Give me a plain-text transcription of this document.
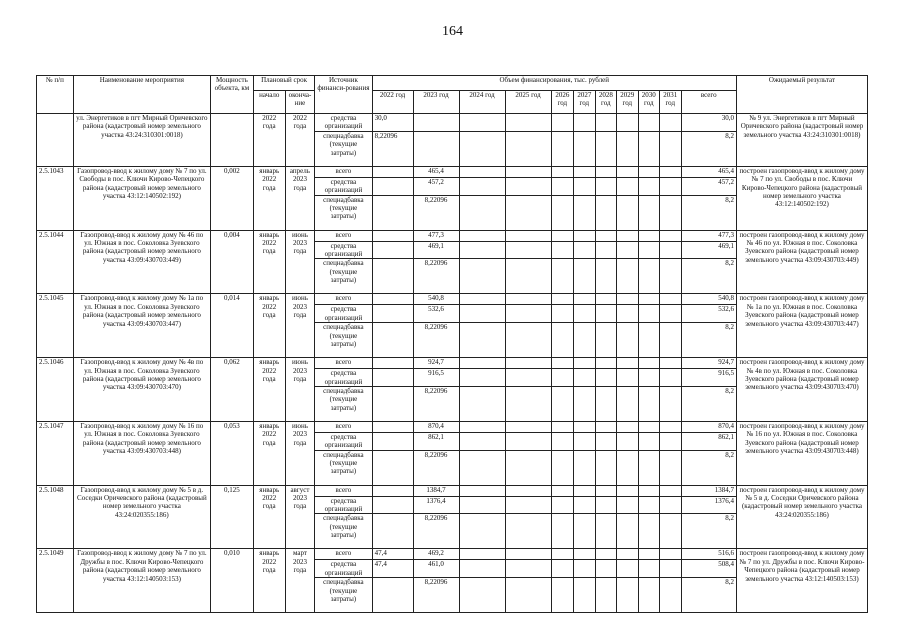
164
№ п/п	Наименование мероприятия	Мощность объекта, км	Плановый срок		Источник финанси-рования	Объем финансирования, тыс. рублей											Ожидаемый результат
			начало	оконча-ние		2022 год	2023 год	2024 год	2025 год	2026 год	2027 год	2028 год	2029 год	2030 год	2031 год	всего	
	ул. Энергетиков в пгт Мирный Оричевского района (кадастровый номер земельного участка 43:24:310301:0018)		2022 года	2022 года	средства организаций	30,0										30,0	№ 9 ул. Энергетиков в пгт Мирный Оричевского района (кадастровый номер земельного участка 43:24:310301:0018)
					спецнадбавка (текущие затраты)	8,22096										8,2	
2.5.1043	Газопровод-ввод к жилому дому № 7 по ул. Свободы в пос. Ключи Кирово-Чепецкого района (кадастровый номер земельного участка 43:12:140502:192)	0,002	январь 2022 года	апрель 2023 года	всего		465,4									465,4	построен газопровод-ввод к жилому дому № 7 по ул. Свободы в пос. Ключи Кирово-Чепецкого района (кадастровый номер земельного участка 43:12:140502:192)
					средства организаций		457,2									457,2	
					спецнадбавка (текущие затраты)		8,22096									8,2	
2.5.1044	Газопровод-ввод к жилому дому № 46 по ул. Южная в пос. Соколовка Зуевского района (кадастровый номер земельного участка 43:09:430703:449)	0,004	январь 2022 года	июнь 2023 года	всего		477,3									477,3	построен газопровод-ввод к жилому дому № 46 по ул. Южная в пос. Соколовка Зуевского района (кадастровый номер земельного участка 43:09:430703:449)
					средства организаций		469,1									469,1	
					спецнадбавка (текущие затраты)		8,22096									8,2	
2.5.1045	Газопровод-ввод к жилому дому № 1а по ул. Южная в пос. Соколовка Зуевского района (кадастровый номер земельного участка 43:09:430703:447)	0,014	январь 2022 года	июнь 2023 года	всего		540,8									540,8	построен газопровод-ввод к жилому дому № 1а по ул. Южная в пос. Соколовка Зуевского района (кадастровый номер земельного участка 43:09:430703:447)
					средства организаций		532,6									532,6	
					спецнадбавка (текущие затраты)		8,22096									8,2	
2.5.1046	Газопровод-ввод к жилому дому № 4в по ул. Южная в пос. Соколовка Зуевского района (кадастровый номер земельного участка 43:09:430703:470)	0,062	январь 2022 года	июнь 2023 года	всего		924,7									924,7	построен газопровод-ввод к жилому дому № 4в по ул. Южная в пос. Соколовка Зуевского района (кадастровый номер земельного участка 43:09:430703:470)
					средства организаций		916,5									916,5	
					спецнадбавка (текущие затраты)		8,22096									8,2	
2.5.1047	Газопровод-ввод к жилому дому № 16 по ул. Южная в пос. Соколовка Зуевского района (кадастровый номер земельного участка 43:09:430703:448)	0,053	январь 2022 года	июнь 2023 года	всего		870,4									870,4	построен газопровод-ввод к жилому дому № 16 по ул. Южная в пос. Соколовка Зуевского района (кадастровый номер земельного участка 43:09:430703:448)
					средства организаций		862,1									862,1	
					спецнадбавка (текущие затраты)		8,22096									8,2	
2.5.1048	Газопровод-ввод к жилому дому № 5 в д. Соседки Оричевского района (кадастровый номер земельного участка 43:24:020355:186)	0,125	январь 2022 года	август 2023 года	всего		1384,7									1384,7	построен газопровод-ввод к жилому дому № 5 в д. Соседки Оричевского района (кадастровый номер земельного участка 43:24:020355:186)
					средства организаций		1376,4									1376,4	
					спецнадбавка (текущие затраты)		8,22096									8,2	
2.5.1049	Газопровод-ввод к жилому дому № 7 по ул. Дружбы в пос. Ключи Кирово-Чепецкого района (кадастровый номер земельного участка 43:12:140503:153)	0,010	январь 2022 года	март 2023 года	всего	47,4	469,2									516,6	построен газопровод-ввод к жилому дому № 7 по ул. Дружбы в пос. Ключи Кирово-Чепецкого района (кадастровый номер земельного участка 43:12:140503:153)
					средства организаций	47,4	461,0									508,4	
					спецнадбавка (текущие затраты)		8,22096									8,2	
